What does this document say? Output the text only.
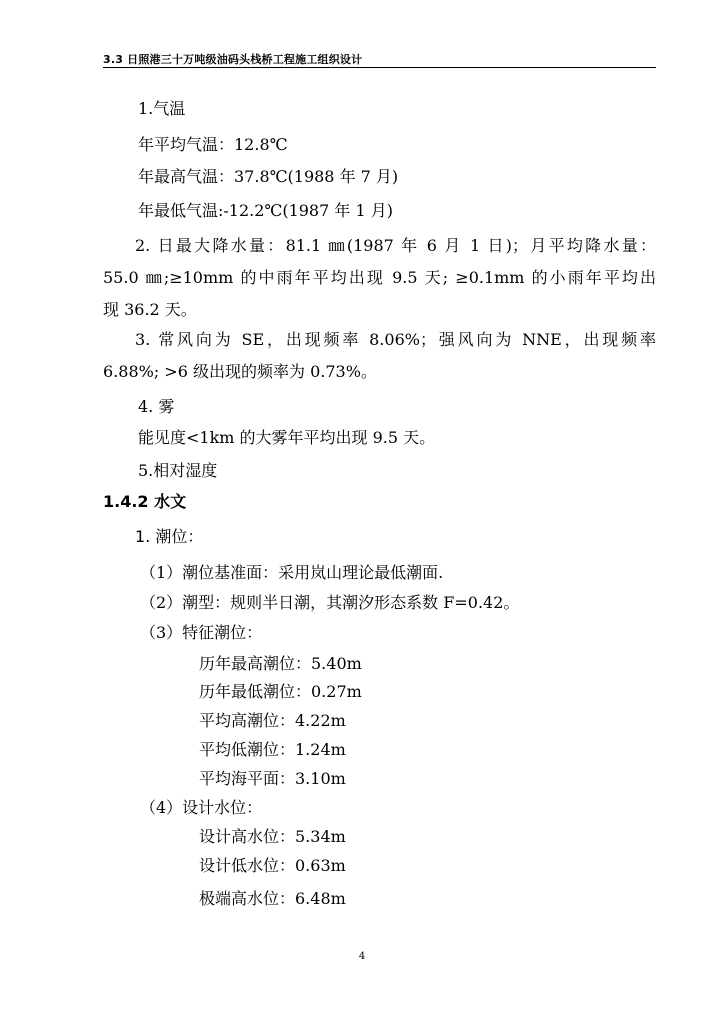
3.3 日照港三十万吨级油码头栈桥工程施工组织设计
1.气温
年平均气温：12.8℃
年最高气温：37.8℃(1988 年 7 月)
年最低气温:-12.2℃(1987 年 1 月)
2. 日最大降水量：81.1 ㎜(1987 年 6 月 1 日)；月平均降水量：
55.0 ㎜;≥10mm 的中雨年平均出现 9.5 天; ≥0.1mm 的小雨年平均出
现 36.2 天。
3. 常风向为 SE，出现频率 8.06%；强风向为 NNE，出现频率
6.88%; >6 级出现的频率为 0.73%。
4. 雾
能见度<1km 的大雾年平均出现 9.5 天。
5.相对湿度
1.4.2 水文
1. 潮位：
（1）潮位基准面：采用岚山理论最低潮面.
（2）潮型：规则半日潮，其潮汐形态系数 F=0.42。
（3）特征潮位：
历年最高潮位：5.40m
历年最低潮位：0.27m
平均高潮位：4.22m
平均低潮位：1.24m
平均海平面：3.10m
（4）设计水位：
设计高水位：5.34m
设计低水位：0.63m
极端高水位：6.48m
4
